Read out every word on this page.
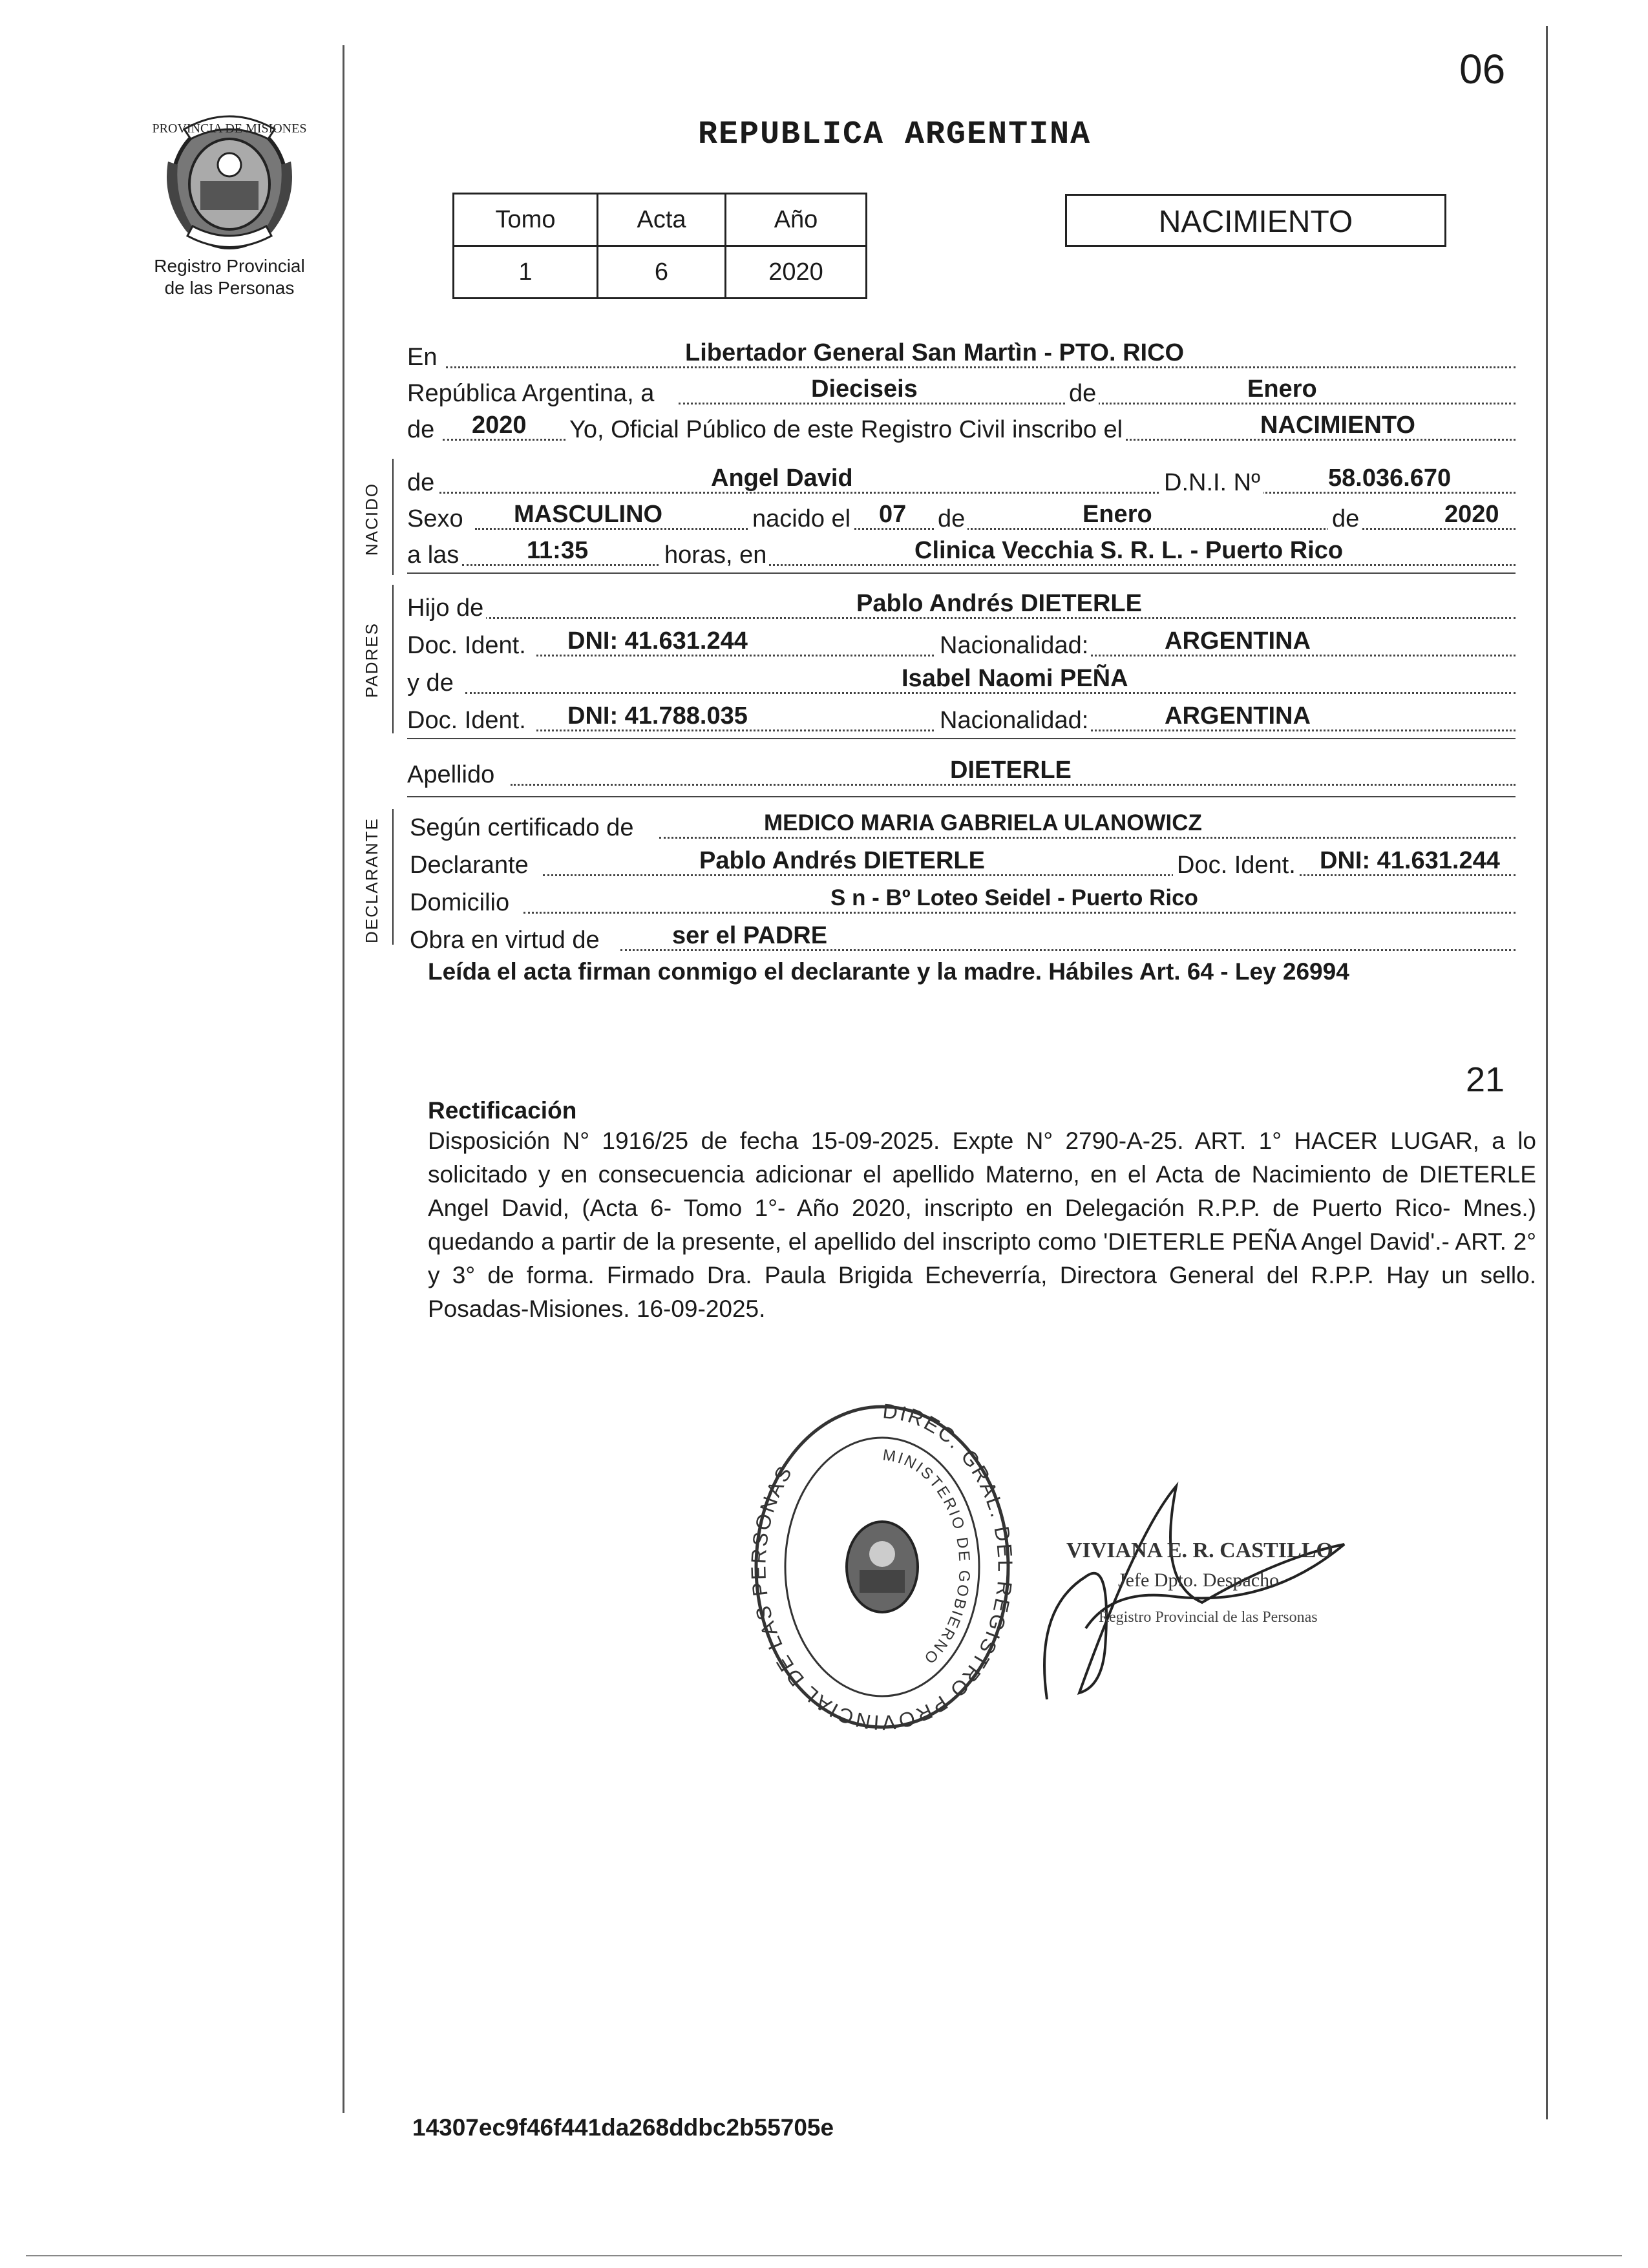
06
REPUBLICA ARGENTINA
PROVINCIA DE MISIONES
Registro Provincial
de las Personas
Tomo	Acta	Año
1	6	2020
NACIMIENTO
En	Libertador General San Martìn - PTO. RICO
República Argentina, a	Dieciseis	de	Enero
de 2020 Yo, Oficial Público de este Registro Civil inscribo el	NACIMIENTO
NACIDO de	Angel David	D.N.I. Nº	58.036.670
Sexo MASCULINO	nacido el 07 de	Enero	de	2020
a las	11:35	horas, en	Clinica Vecchia S. R. L. - Puerto Rico
PADRES
Hijo de	Pablo Andrés DIETERLE
Doc. Ident. DNI: 41.631.244	Nacionalidad:	ARGENTINA
y de	Isabel Naomi PEÑA
Doc. Ident. DNI: 41.788.035	Nacionalidad:	ARGENTINA
Apellido	DIETERLE
DECLARANTE Según certificado de	MEDICO MARIA GABRIELA ULANOWICZ
Declarante	Pablo Andrés DIETERLE	Doc. Ident. DNI: 41.631.244
Domicilio	S n - Bº Loteo Seidel - Puerto Rico
Obra en virtud de	ser el PADRE
Leída el acta firman conmigo el declarante y la madre. Hábiles Art. 64 - Ley 26994
21
Rectificación
Disposición N° 1916/25 de fecha 15-09-2025. Expte N° 2790-A-25. ART. 1° HACER LUGAR, a lo solicitado y en consecuencia adicionar el apellido Materno, en el Acta de Nacimiento de DIETERLE Angel David, (Acta 6- Tomo 1°- Año 2020, inscripto en Delegación R.P.P. de Puerto Rico- Mnes.) quedando a partir de la presente, el apellido del inscripto como 'DIETERLE PEÑA Angel David'.- ART. 2° y 3° de forma. Firmado Dra. Paula Brigida Echeverría, Directora General del R.P.P. Hay un sello. Posadas-Misiones. 16-09-2025.
DIREC. GRAL. DEL REGISTRO PROVINCIAL DE LAS PERSONAS
MINISTERIO DE GOBIERNO
VIVIANA E. R. CASTILLO
Jefe Dpto. Despacho
Registro Provincial de las Personas
14307ec9f46f441da268ddbc2b55705e
